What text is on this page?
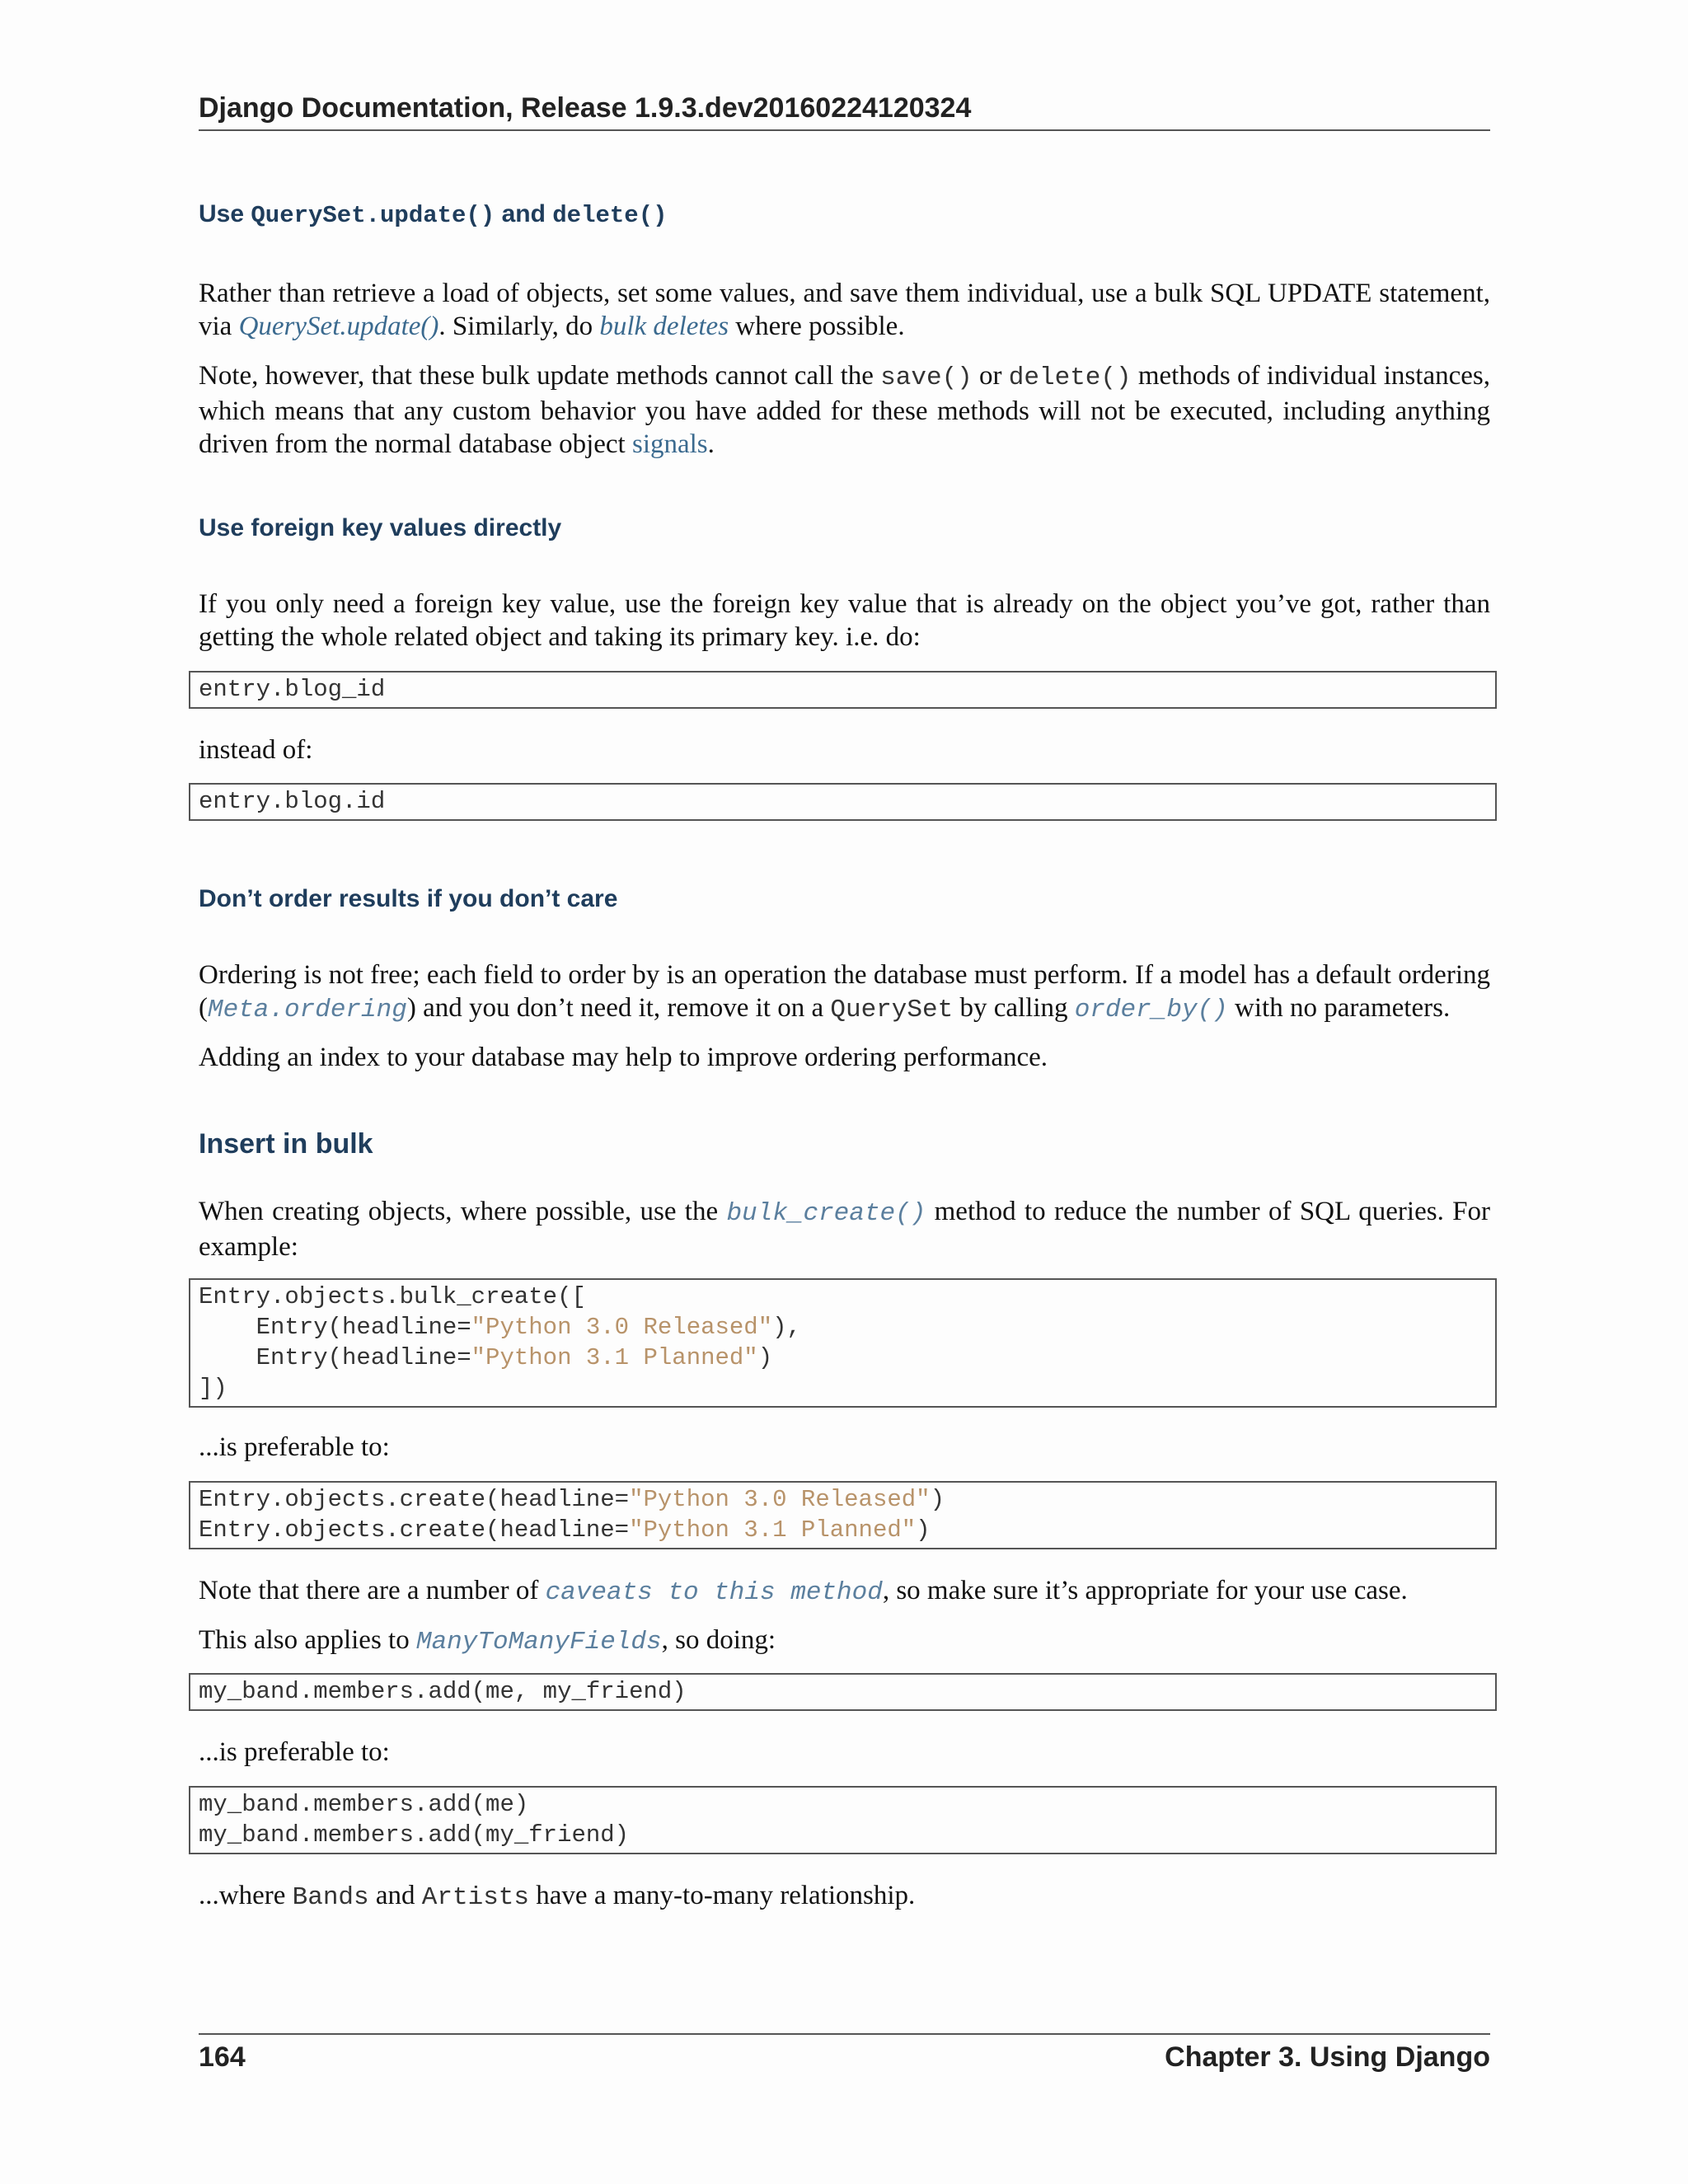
Django Documentation, Release 1.9.3.dev20160224120324
Use QuerySet.update() and delete()

Rather than retrieve a load of objects, set some values, and save them individual, use a bulk SQL UPDATE statement, via QuerySet.update(). Similarly, do bulk deletes where possible.

Note, however, that these bulk update methods cannot call the save() or delete() methods of individual instances, which means that any custom behavior you have added for these methods will not be executed, including anything driven from the normal database object signals.

Use foreign key values directly

If you only need a foreign key value, use the foreign key value that is already on the object you’ve got, rather than getting the whole related object and taking its primary key. i.e. do:

entry.blog_id

instead of:

entry.blog.id
Don’t order results if you don’t care

Ordering is not free; each field to order by is an operation the database must perform. If a model has a default ordering (Meta.ordering) and you don’t need it, remove it on a QuerySet by calling order_by() with no parameters.

Adding an index to your database may help to improve ordering performance.

Insert in bulk

When creating objects, where possible, use the bulk_create() method to reduce the number of SQL queries. For example:

Entry.objects.bulk_create([
Entry(headline="Python 3.0 Released"),
Entry(headline="Python 3.1 Planned")
])

...is preferable to:

Entry.objects.create(headline="Python 3.0 Released")
Entry.objects.create(headline="Python 3.1 Planned")

Note that there are a number of caveats to this method, so make sure it’s appropriate for your use case.

This also applies to ManyToManyFields, so doing:

my_band.members.add(me, my_friend)

...is preferable to:

my_band.members.add(me)
my_band.members.add(my_friend)

...where Bands and Artists have a many-to-many relationship.

164	Chapter 3. Using Django
